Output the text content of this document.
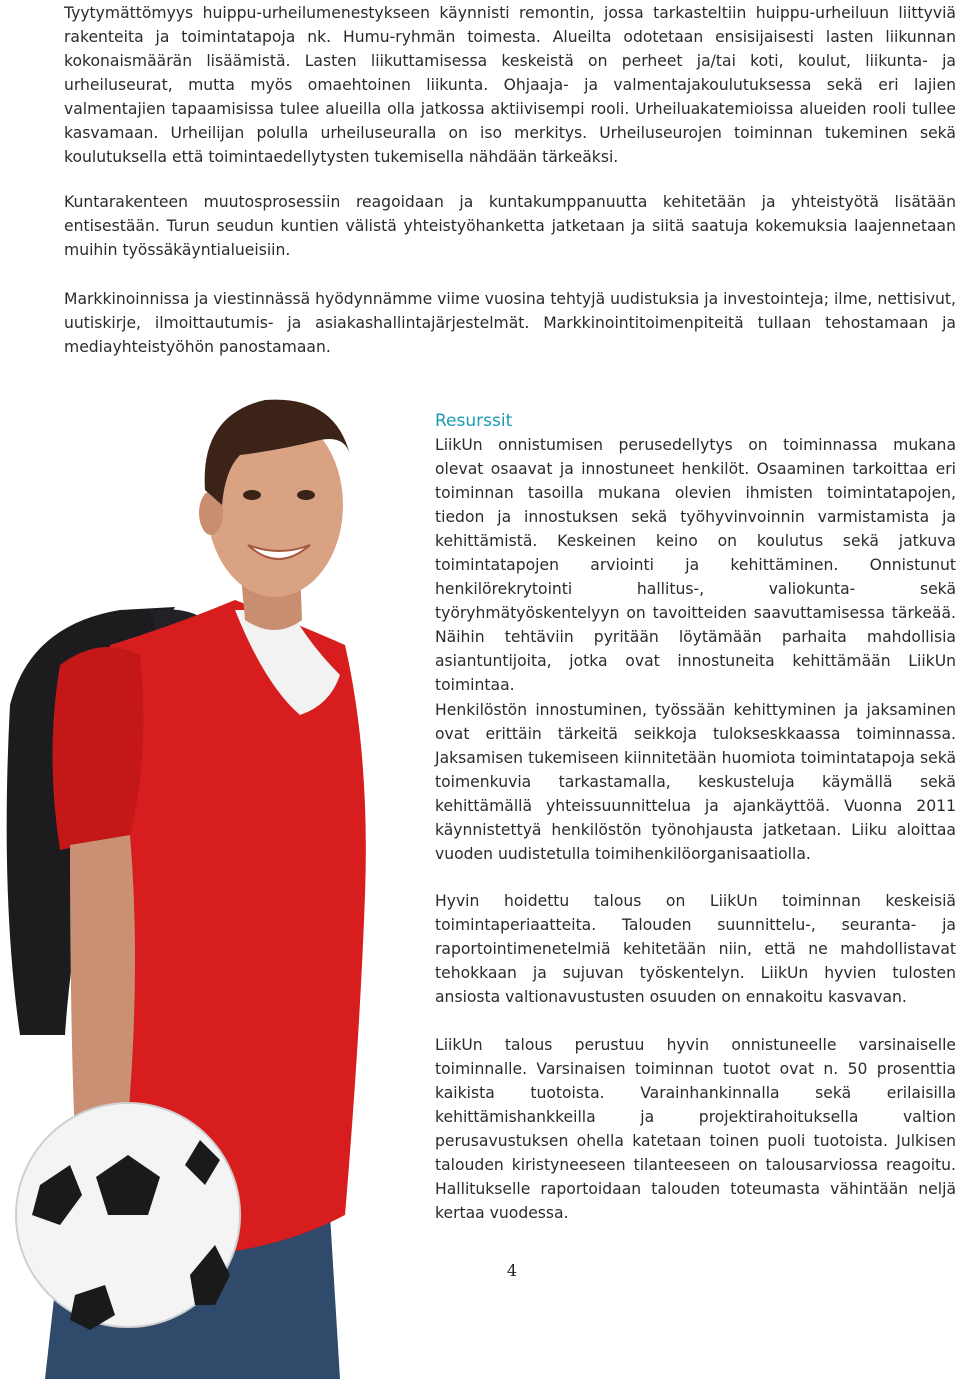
Tyytymättömyys huippu-urheilumenestykseen käynnisti remontin, jossa tarkasteltiin huippu-urheiluun liittyviä rakenteita ja toimintatapoja nk. Humu-ryhmän toimesta. Alueilta odotetaan ensisijaisesti lasten liikunnan kokonaismäärän lisäämistä. Lasten liikuttamisessa keskeistä on perheet ja/tai koti, koulut, liikunta- ja urheiluseurat, mutta myös omaehtoinen liikunta. Ohjaaja- ja valmentajakoulutuksessa sekä eri lajien valmentajien tapaamisissa tulee alueilla olla jatkossa aktiivisempi rooli. Urheiluakatemioissa alueiden rooli tullee kasvamaan. Urheilijan polulla urheiluseuralla on iso merkitys. Urheiluseurojen toiminnan tukeminen sekä koulutuksella että toimintaedellytysten tukemisella nähdään tärkeäksi.

Kuntarakenteen muutosprosessiin reagoidaan ja kuntakumppanuutta kehitetään ja yhteistyötä lisätään entisestään. Turun seudun kuntien välistä yhteistyöhanketta jatketaan ja siitä saatuja kokemuksia laajennetaan muihin työssäkäyntialueisiin.

Markkinoinnissa ja viestinnässä hyödynnämme viime vuosina tehtyjä uudistuksia ja investointeja; ilme, nettisivut, uutiskirje, ilmoittautumis- ja asiakashallintajärjestelmät. Markkinointitoimenpiteitä tullaan tehostamaan ja mediayhteistyöhön panostamaan.

Resurssit

LiikUn onnistumisen perusedellytys on toiminnassa mukana olevat osaavat ja innostuneet henkilöt. Osaaminen tarkoittaa eri toiminnan tasoilla mukana olevien ihmisten toimintatapojen, tiedon ja innostuksen sekä työhyvinvoinnin varmistamista ja kehittämistä. Keskeinen keino on koulutus sekä jatkuva toimintatapojen arviointi ja kehittäminen. Onnistunut henkilörekrytointi hallitus-, valiokunta- sekä työryhmätyöskentelyyn on tavoitteiden saavuttamisessa tärkeää. Näihin tehtäviin pyritään löytämään parhaita mahdollisia asiantuntijoita, jotka ovat innostuneita kehittämään LiikUn toimintaa.

Henkilöstön innostuminen, työssään kehittyminen ja jaksaminen ovat erittäin tärkeitä seikkoja tulokseskkaassa toiminnassa. Jaksamisen tukemiseen kiinnitetään huomiota toimintatapoja sekä toimenkuvia tarkastamalla, keskusteluja käymällä sekä kehittämällä yhteissuunnittelua ja ajankäyttöä. Vuonna 2011 käynnistettyä henkilöstön työnohjausta jatketaan. Liiku aloittaa vuoden uudistetulla toimihenkilöorganisaatiolla.

Hyvin hoidettu talous on LiikUn toiminnan keskeisiä toimintaperiaatteita. Talouden suunnittelu-, seuranta- ja raportointimenetelmiä kehitetään niin, että ne mahdollistavat tehokkaan ja sujuvan työskentelyn. LiikUn hyvien tulosten ansiosta valtionavustusten osuuden on ennakoitu kasvavan.

LiikUn talous perustuu hyvin onnistuneelle varsinaiselle toiminnalle. Varsinaisen toiminnan tuotot ovat n. 50 prosenttia kaikista tuotoista. Varainhankinnalla sekä erilaisilla kehittämishankkeilla ja projektirahoituksella valtion perusavustuksen ohella katetaan toinen puoli tuotoista. Julkisen talouden kiristyneeseen tilanteeseen on talousarviossa reagoitu. Hallitukselle raportoidaan talouden toteumasta vähintään neljä kertaa vuodessa.

4
